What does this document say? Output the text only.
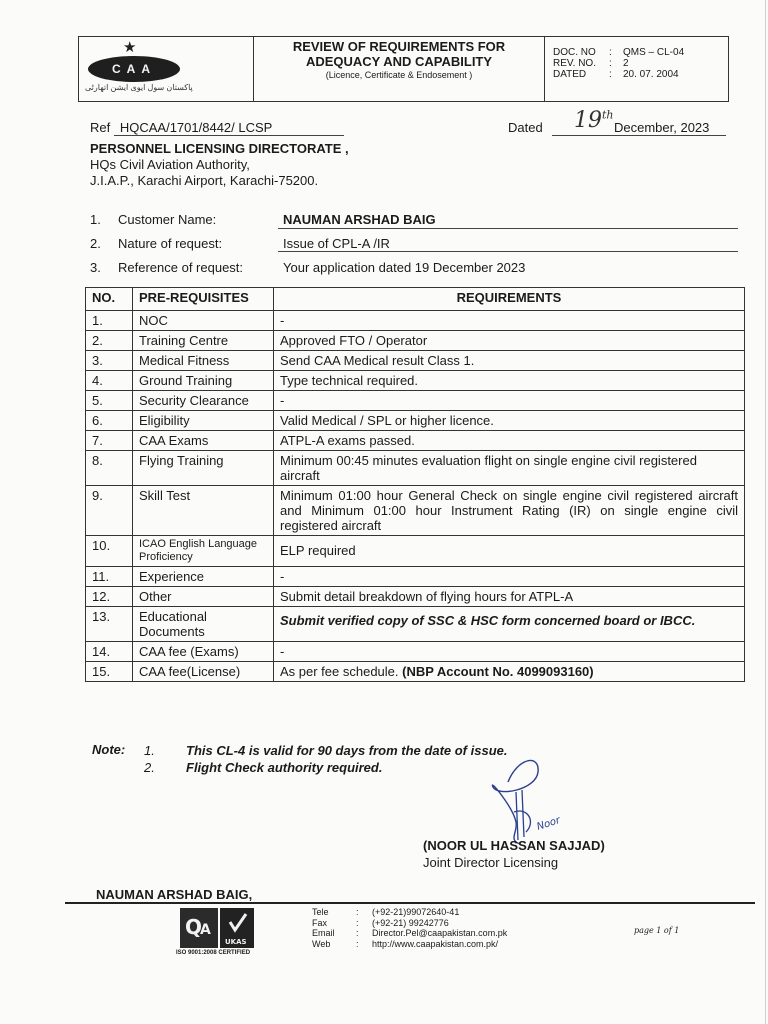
★
CAA
پاکستان سول ایوی ایشن اتھارٹی
REVIEW OF REQUIREMENTS FOR
ADEQUACY AND CAPABILITY
(Licence, Certificate & Endosement )
DOC. NO	:	QMS – CL-04
REV. NO.	:	2
DATED	:	20. 07. 2004
Ref HQCAA/1701/8442/ LCSP	Dated 19th
December, 2023
PERSONNEL LICENSING DIRECTORATE ,
HQs Civil Aviation Authority,
J.I.A.P., Karachi Airport, Karachi-75200.
1. Customer Name:	NAUMAN ARSHAD BAIG
2. Nature of request:	Issue of CPL-A /IR
3. Reference of request:	Your application dated 19 December 2023
NO.	PRE-REQUISITES	REQUIREMENTS
1.	NOC	-
2.	Training Centre	Approved FTO / Operator
3.	Medical Fitness	Send CAA Medical result Class 1.
4.	Ground Training	Type technical required.
5.	Security Clearance	-
6.	Eligibility	Valid Medical / SPL or higher licence.
7.	CAA Exams	ATPL-A exams passed.
8.	Flying Training	Minimum 00:45 minutes evaluation flight on single engine civil registered aircraft
9.	Skill Test	Minimum 01:00 hour General Check on single engine civil registered aircraft and Minimum 01:00 hour Instrument Rating (IR) on single engine civil registered aircraft
10.	ICAO English Language Proficiency	ELP required
11.	Experience	-
12.	Other	Submit detail breakdown of flying hours for ATPL-A
13.	Educational Documents	Submit verified copy of SSC & HSC form concerned board or IBCC.
14.	CAA fee (Exams)	-
15.	CAA fee(License)	As per fee schedule. (NBP Account No. 4099093160)
Note: 1. This CL-4 is valid for 90 days from the date of issue.
2. Flight Check authority required.
Noor
(NOOR UL HASSAN SAJJAD)
Joint Director Licensing
NAUMAN ARSHAD BAIG,
Q
A
UKAS
ISO 9001:2008 CERTIFIED
Tele	:	(+92-21)99072640-41
Fax	:	(+92-21) 99242776
Email	:	Director.Pel@caapakistan.com.pk
Web	:	http://www.caapakistan.com.pk/
page 1 of 1
